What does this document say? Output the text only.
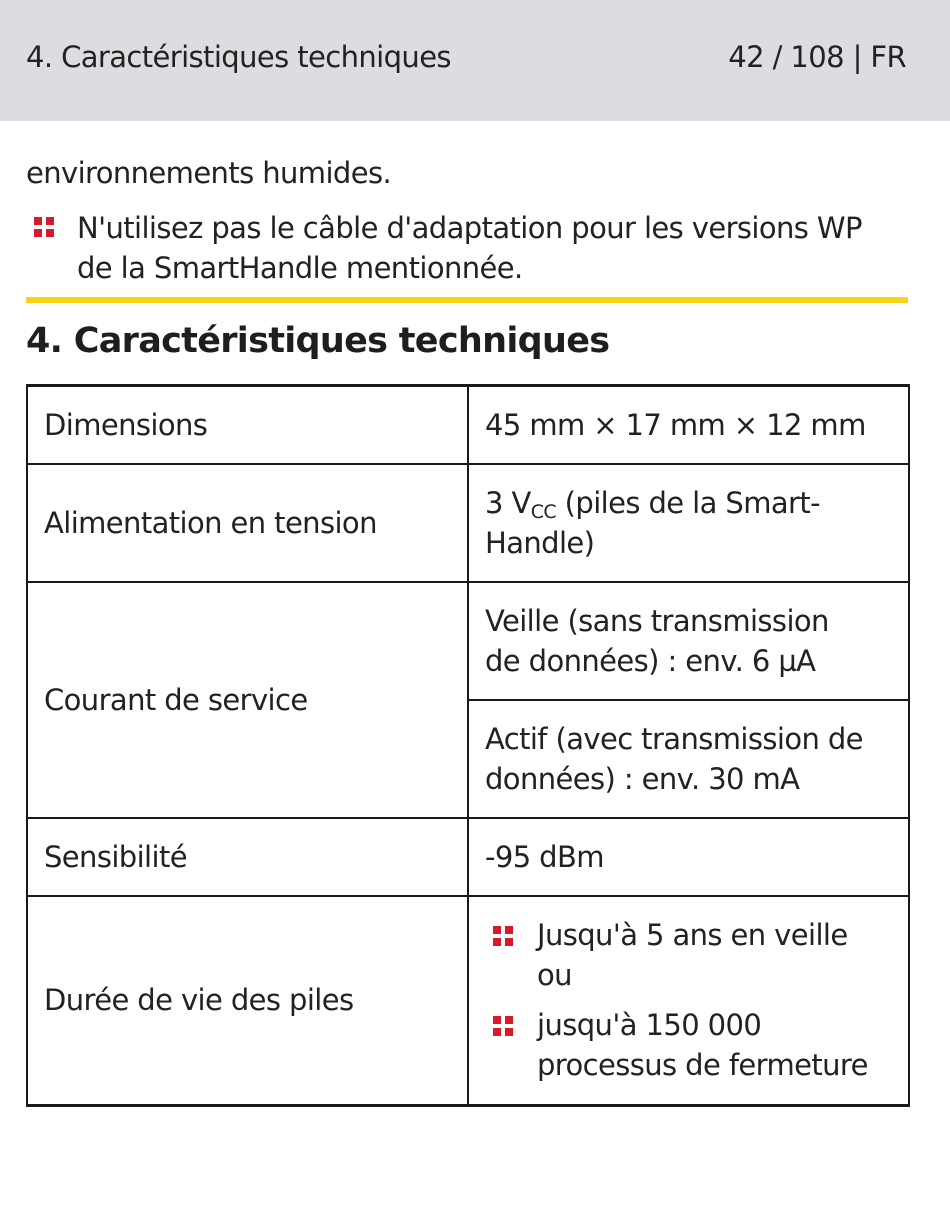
4. Caractéristiques techniques	42 / 108 | FR
environnements humides.
N'utilisez pas le câble d'adaptation pour les versions WP
de la SmartHandle mentionnée.
4. Caractéristiques techniques
Dimensions	45 mm × 17 mm × 12 mm
Alimentation en tension	3 $V_{CC}$ (piles de la Smart-
Handle)

Courant de service	Veille (sans transmission
de données) : env. 6 µA

	Actif (avec transmission de
données) : env. 30 mA

Sensibilité	-95 dBm
Durée de vie des piles	Jusqu'à 5 ans en veille
ou
jusqu'à 150 000
processus de fermeture
